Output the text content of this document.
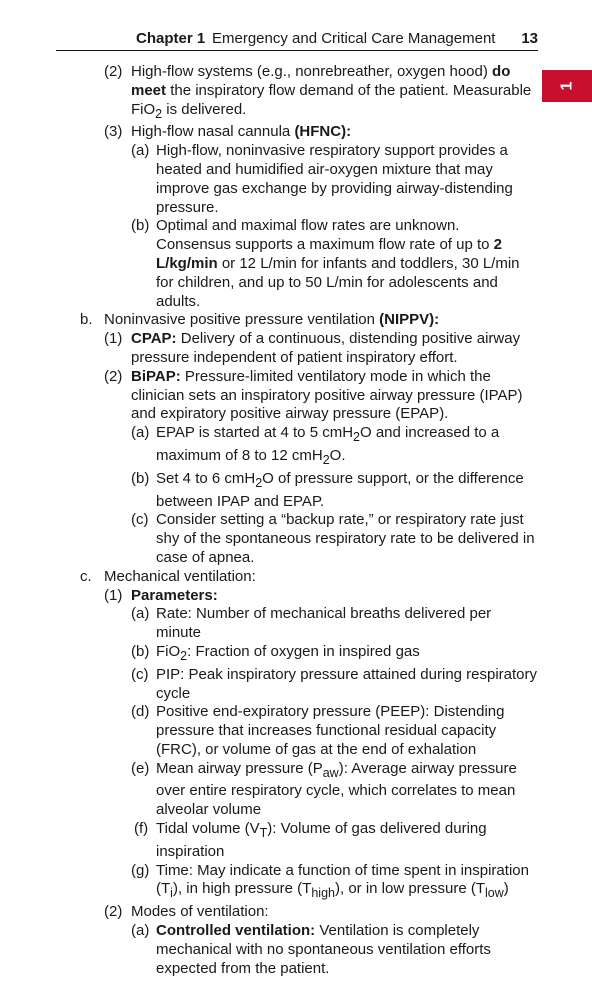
Chapter 1 Emergency and Critical Care Management 13
1
(2) High-flow systems (e.g., nonrebreather, oxygen hood) do meet the inspiratory flow demand of the patient. Measurable FiO$_2$ is delivered.
(3) High-flow nasal cannula (HFNC):
(a) High-flow, noninvasive respiratory support provides a heated and humidified air-oxygen mixture that may improve gas exchange by providing airway-distending pressure.
(b) Optimal and maximal flow rates are unknown. Consensus supports a maximum flow rate of up to 2 L/kg/min or 12 L/min for infants and toddlers, 30 L/min for children, and up to 50 L/min for adolescents and adults.
b. Noninvasive positive pressure ventilation (NIPPV):
(1) CPAP: Delivery of a continuous, distending positive airway pressure independent of patient inspiratory effort.
(2) BiPAP: Pressure-limited ventilatory mode in which the clinician sets an inspiratory positive airway pressure (IPAP) and expiratory positive airway pressure (EPAP).
(a) EPAP is started at 4 to 5 cmH$_2$O and increased to a maximum of 8 to 12 cmH$_2$O.
(b) Set 4 to 6 cmH$_2$O of pressure support, or the difference between IPAP and EPAP.
(c) Consider setting a “backup rate,” or respiratory rate just shy of the spontaneous respiratory rate to be delivered in case of apnea.
c. Mechanical ventilation:
(1) Parameters:
(a) Rate: Number of mechanical breaths delivered per minute
(b) FiO$_2$: Fraction of oxygen in inspired gas
(c) PIP: Peak inspiratory pressure attained during respiratory cycle
(d) Positive end-expiratory pressure (PEEP): Distending pressure that increases functional residual capacity (FRC), or volume of gas at the end of exhalation
(e) Mean airway pressure $(P_{aw})$: Average airway pressure over entire respiratory cycle, which correlates to mean alveolar volume
(f) Tidal volume $(V_T)$: Volume of gas delivered during inspiration
(g) Time: May indicate a function of time spent in inspiration $(T_i)$, in high pressure $(T_{high})$, or in low pressure $(T_{low})$
(2) Modes of ventilation:
(a) Controlled ventilation: Ventilation is completely mechanical with no spontaneous ventilation efforts expected from the patient.
